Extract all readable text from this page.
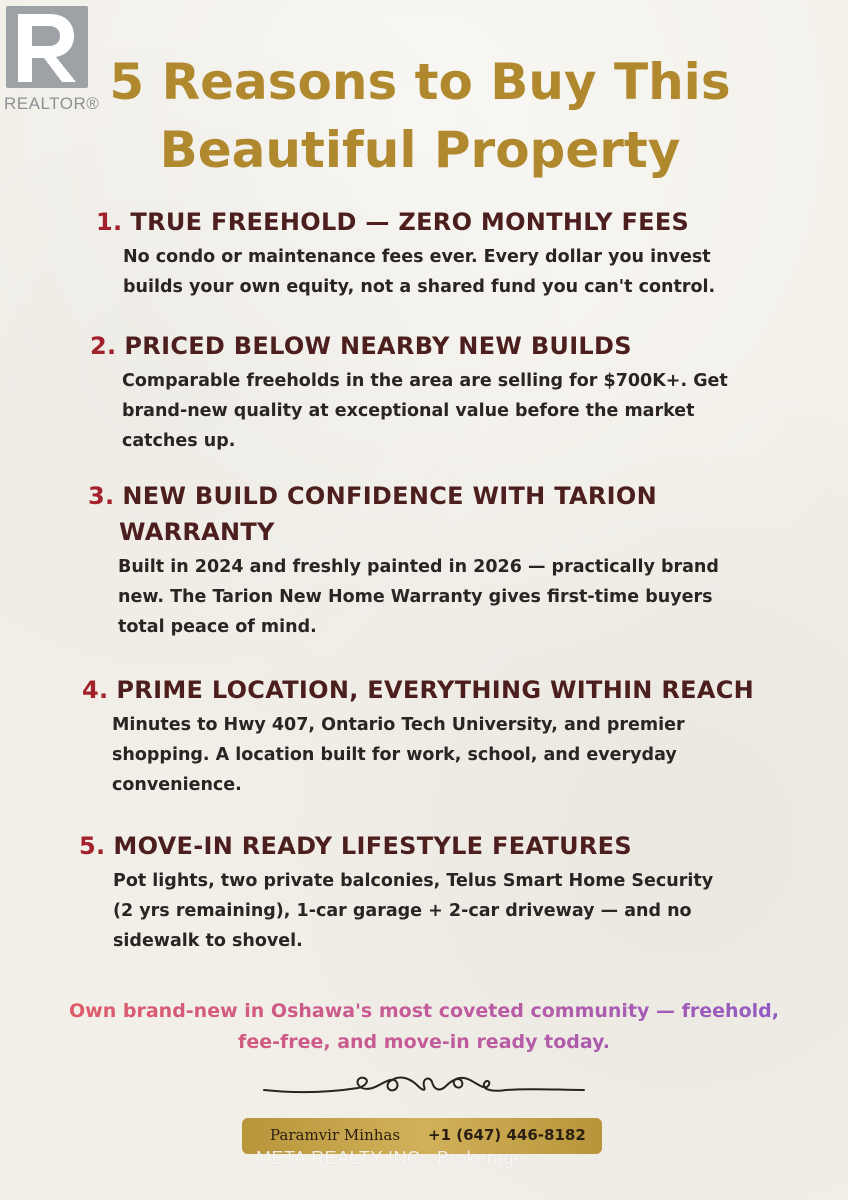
REALTOR® 5 Reasons to Buy This
Beautiful Property
1. TRUE FREEHOLD — ZERO MONTHLY FEES
No condo or maintenance fees ever. Every dollar you invest
builds your own equity, not a shared fund you can't control.
2. PRICED BELOW NEARBY NEW BUILDS
Comparable freeholds in the area are selling for $700K+. Get
brand-new quality at exceptional value before the market
catches up.
3. NEW BUILD CONFIDENCE WITH TARION
WARRANTY
Built in 2024 and freshly painted in 2026 — practically brand
new. The Tarion New Home Warranty gives first-time buyers
total peace of mind.
4. PRIME LOCATION, EVERYTHING WITHIN REACH
Minutes to Hwy 407, Ontario Tech University, and premier
shopping. A location built for work, school, and everyday
convenience.
5. MOVE-IN READY LIFESTYLE FEATURES
Pot lights, two private balconies, Telus Smart Home Security
(2 yrs remaining), 1-car garage + 2-car driveway — and no
sidewalk to shovel.
Own brand-new in Oshawa's most coveted community — freehold,
fee-free, and move-in ready today.
Paramvir Minhas +1 (647) 446-8182
META REALTY INC., Brokerage
